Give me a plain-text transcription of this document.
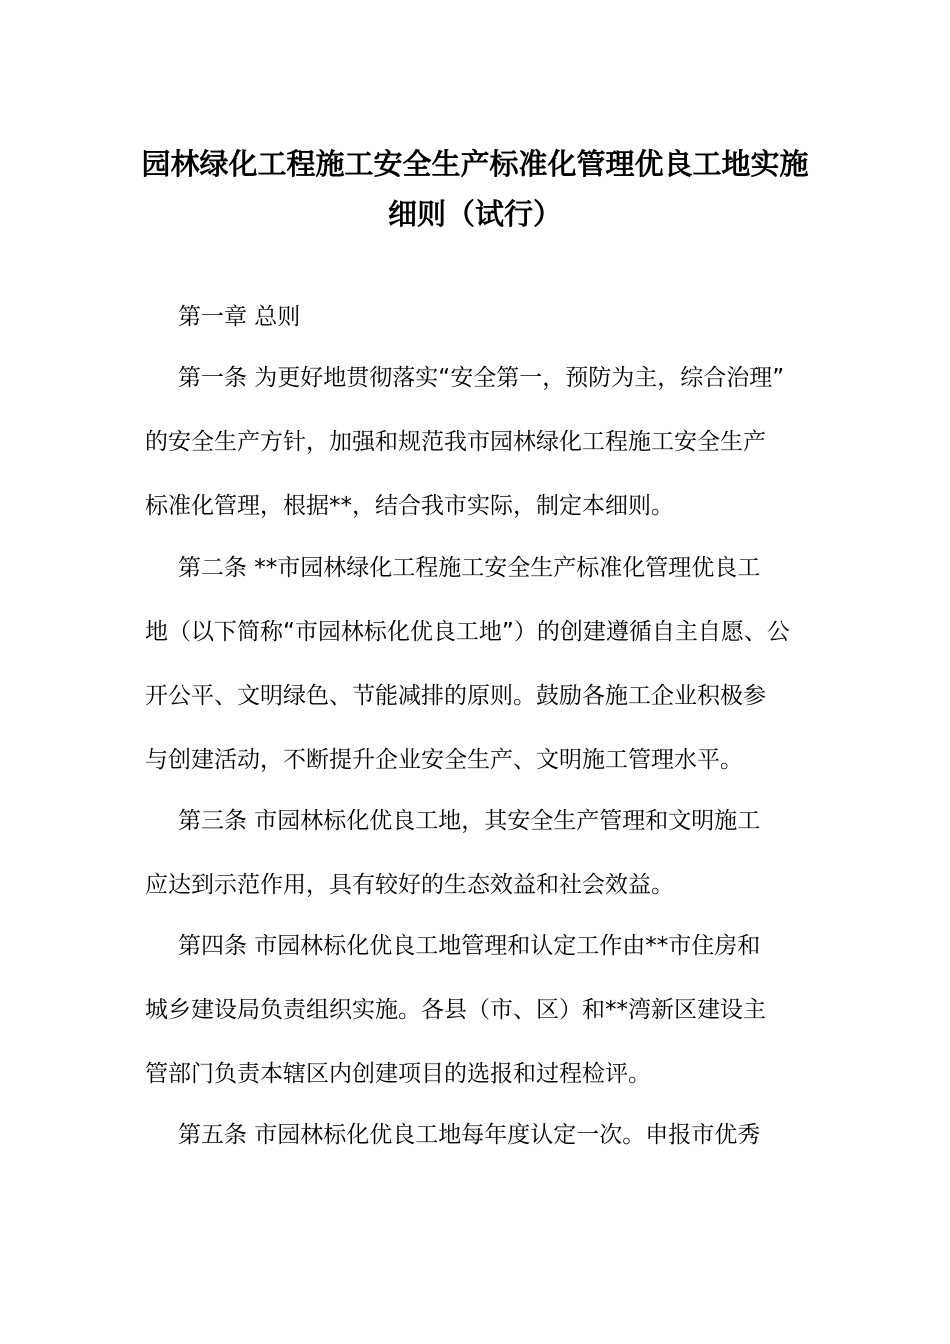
园林绿化工程施工安全生产标准化管理优良工地实施
细则（试行）
第一章 总则
第一条 为更好地贯彻落实“安全第一，预防为主，综合治理”
的安全生产方针，加强和规范我市园林绿化工程施工安全生产
标准化管理，根据**，结合我市实际，制定本细则。
第二条 **市园林绿化工程施工安全生产标准化管理优良工
地（以下简称“市园林标化优良工地”）的创建遵循自主自愿、公
开公平、文明绿色、节能减排的原则。鼓励各施工企业积极参
与创建活动，不断提升企业安全生产、文明施工管理水平。
第三条 市园林标化优良工地，其安全生产管理和文明施工
应达到示范作用，具有较好的生态效益和社会效益。
第四条 市园林标化优良工地管理和认定工作由**市住房和
城乡建设局负责组织实施。各县（市、区）和**湾新区建设主
管部门负责本辖区内创建项目的选报和过程检评。
第五条 市园林标化优良工地每年度认定一次。申报市优秀
